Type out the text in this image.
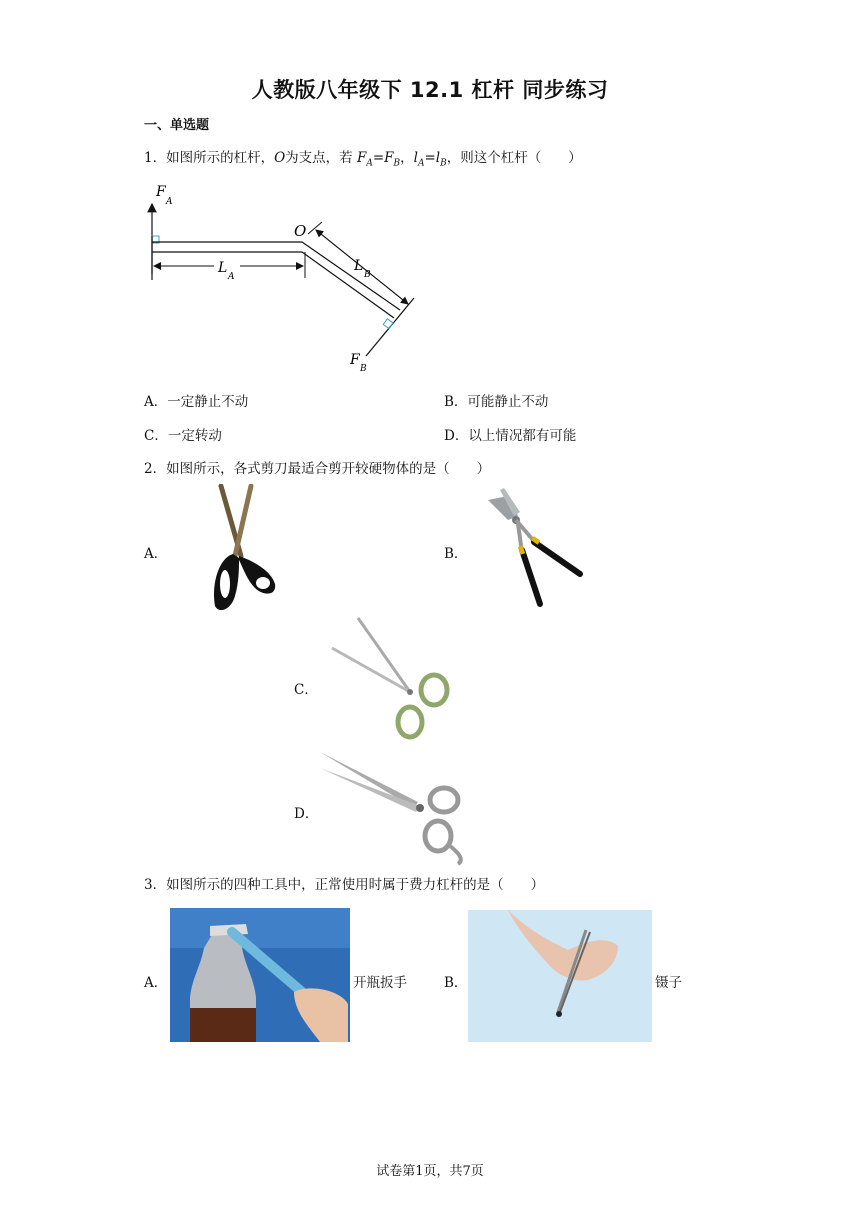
人教版八年级下 12.1 杠杆 同步练习
一、单选题
1．如图所示的杠杆，O为支点，若 $F_A=F_B$，$l_A=l_B$，则这个杠杆（　　）
F
A
O
L
A
L
B
F
B
A．一定静止不动	B．可能静止不动
C．一定转动	D．以上情况都有可能
2．如图所示，各式剪刀最适合剪开较硬物体的是（　　）
A．	B．
C．
D．
3．如图所示的四种工具中，正常使用时属于费力杠杆的是（　　）
A．	开瓶扳手	B．	镊子
试卷第1页，共7页
